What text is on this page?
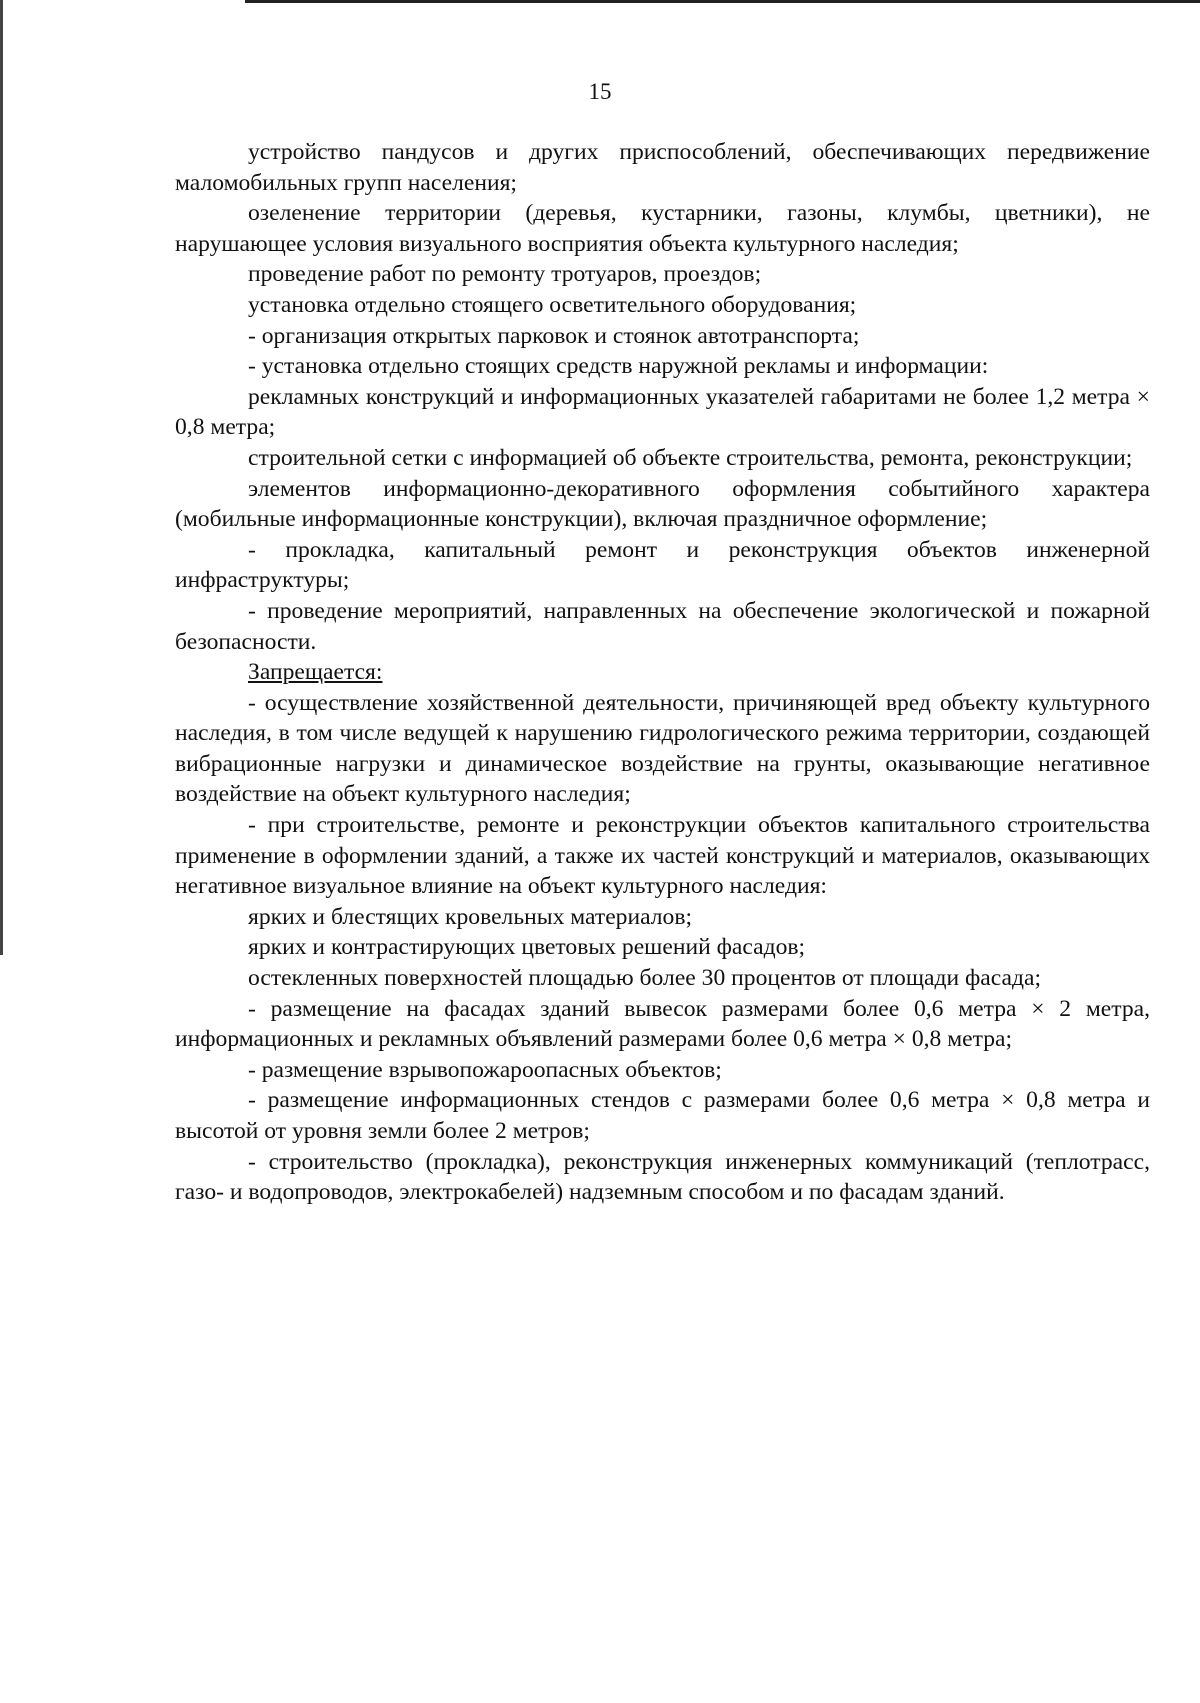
15

устройство пандусов и других приспособлений, обеспечивающих передвижение маломобильных групп населения;

озеленение территории (деревья, кустарники, газоны, клумбы, цветники), не нарушающее условия визуального восприятия объекта культурного наследия;

проведение работ по ремонту тротуаров, проездов;

установка отдельно стоящего осветительного оборудования;

- организация открытых парковок и стоянок автотранспорта;

- установка отдельно стоящих средств наружной рекламы и информации:

рекламных конструкций и информационных указателей габаритами не более 1,2 метра × 0,8 метра;

строительной сетки с информацией об объекте строительства, ремонта, реконструкции;

элементов информационно-декоративного оформления событийного характера (мобильные информационные конструкции), включая праздничное оформление;

- прокладка, капитальный ремонт и реконструкция объектов инженерной инфраструктуры;

- проведение мероприятий, направленных на обеспечение экологической и пожарной безопасности.

Запрещается:

- осуществление хозяйственной деятельности, причиняющей вред объекту культурного наследия, в том числе ведущей к нарушению гидрологического режима территории, создающей вибрационные нагрузки и динамическое воздействие на грунты, оказывающие негативное воздействие на объект культурного наследия;

- при строительстве, ремонте и реконструкции объектов капитального строительства применение в оформлении зданий, а также их частей конструкций и материалов, оказывающих негативное визуальное влияние на объект культурного наследия:

ярких и блестящих кровельных материалов;

ярких и контрастирующих цветовых решений фасадов;

остекленных поверхностей площадью более 30 процентов от площади фасада;

- размещение на фасадах зданий вывесок размерами более 0,6 метра × 2 метра, информационных и рекламных объявлений размерами более 0,6 метра × 0,8 метра;

- размещение взрывопожароопасных объектов;

- размещение информационных стендов с размерами более 0,6 метра × 0,8 метра и высотой от уровня земли более 2 метров;

- строительство (прокладка), реконструкция инженерных коммуникаций (теплотрасс, газо- и водопроводов, электрокабелей) надземным способом и по фасадам зданий.
